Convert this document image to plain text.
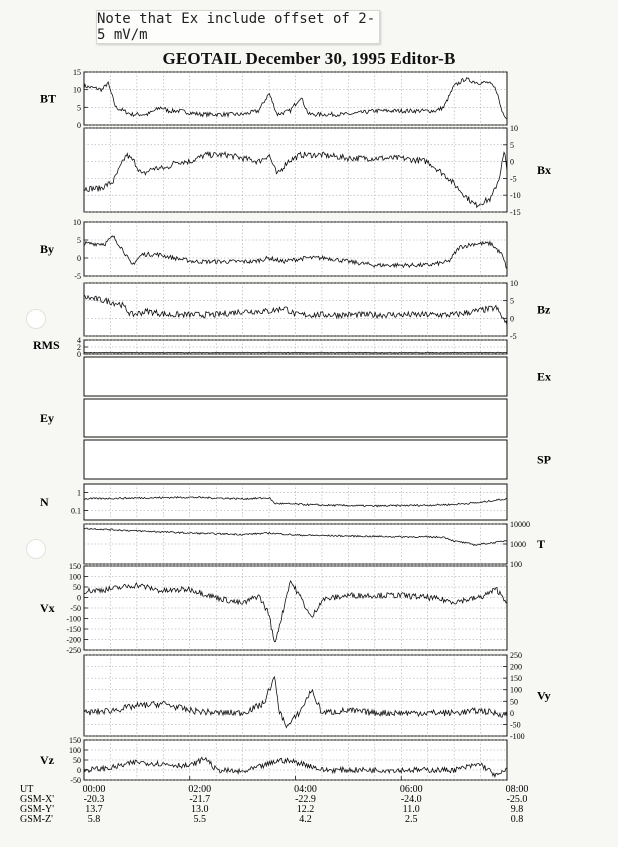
Note that Ex include offset of 2-5 mV/m
GEOTAIL December 30, 1995 Editor-B
15
10
5
0
BT
10
5
0
-5
-10
-15
Bx
10
5
0
-5
By
10
5
0
-5
Bz
4
2
0
RMS
Ex
Ey
SP
1
0.1
N
10000
1000
100
T
150
100
50
0
-50
-100
-150
-200
-250
Vx
250
200
150
100
50
0
-50
-100
Vy
150
100
50
0
-50
Vz
UT	00:00	02:00	04:00	06:00	08:00
GSM-X'	-20.3	-21.7	-22.9	-24.0	-25.0
GSM-Y'	13.7	13.0	12.2	11.0	9.8
GSM-Z'	5.8	5.5	4.2	2.5	0.8
